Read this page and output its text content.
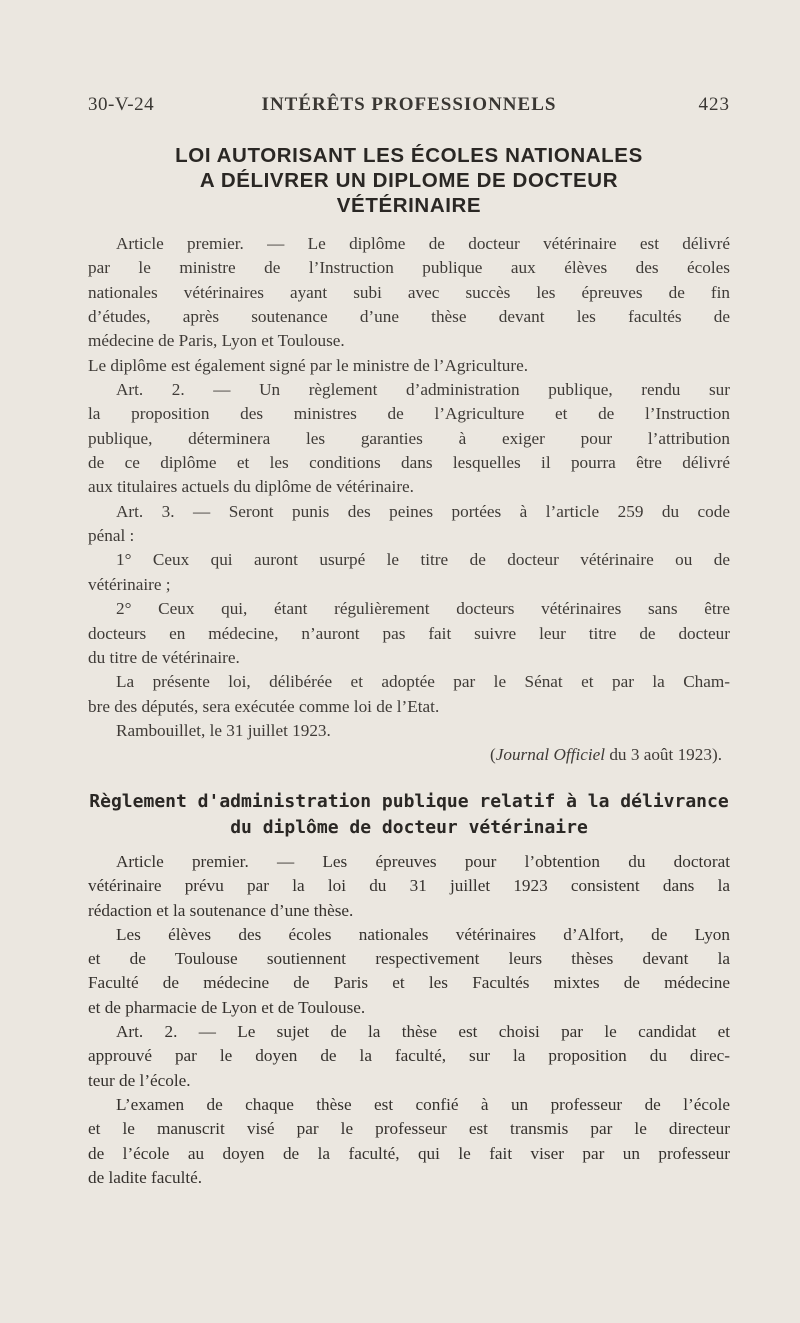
30-V-24	INTÉRÊTS PROFESSIONNELS	423
LOI AUTORISANT LES ÉCOLES NATIONALES
A DÉLIVRER UN DIPLOME DE DOCTEUR
VÉTÉRINAIRE
Article premier. — Le diplôme de docteur vétérinaire est délivré
par le ministre de l’Instruction publique aux élèves des écoles
nationales vétérinaires ayant subi avec succès les épreuves de fin
d’études, après soutenance d’une thèse devant les facultés de
médecine de Paris, Lyon et Toulouse.
Le diplôme est également signé par le ministre de l’Agriculture.
Art. 2. — Un règlement d’administration publique, rendu sur
la proposition des ministres de l’Agriculture et de l’Instruction
publique, déterminera les garanties à exiger pour l’attribution
de ce diplôme et les conditions dans lesquelles il pourra être délivré
aux titulaires actuels du diplôme de vétérinaire.
Art. 3. — Seront punis des peines portées à l’article 259 du code
pénal :
1° Ceux qui auront usurpé le titre de docteur vétérinaire ou de
vétérinaire ;
2° Ceux qui, étant régulièrement docteurs vétérinaires sans être
docteurs en médecine, n’auront pas fait suivre leur titre de docteur
du titre de vétérinaire.
La présente loi, délibérée et adoptée par le Sénat et par la Cham-
bre des députés, sera exécutée comme loi de l’Etat.
Rambouillet, le 31 juillet 1923.
(Journal Officiel du 3 août 1923).
Règlement d'administration publique relatif à la délivrance
du diplôme de docteur vétérinaire
Article premier. — Les épreuves pour l’obtention du doctorat
vétérinaire prévu par la loi du 31 juillet 1923 consistent dans la
rédaction et la soutenance d’une thèse.
Les élèves des écoles nationales vétérinaires d’Alfort, de Lyon
et de Toulouse soutiennent respectivement leurs thèses devant la
Faculté de médecine de Paris et les Facultés mixtes de médecine
et de pharmacie de Lyon et de Toulouse.
Art. 2. — Le sujet de la thèse est choisi par le candidat et
approuvé par le doyen de la faculté, sur la proposition du direc-
teur de l’école.
L’examen de chaque thèse est confié à un professeur de l’école
et le manuscrit visé par le professeur est transmis par le directeur
de l’école au doyen de la faculté, qui le fait viser par un professeur
de ladite faculté.
